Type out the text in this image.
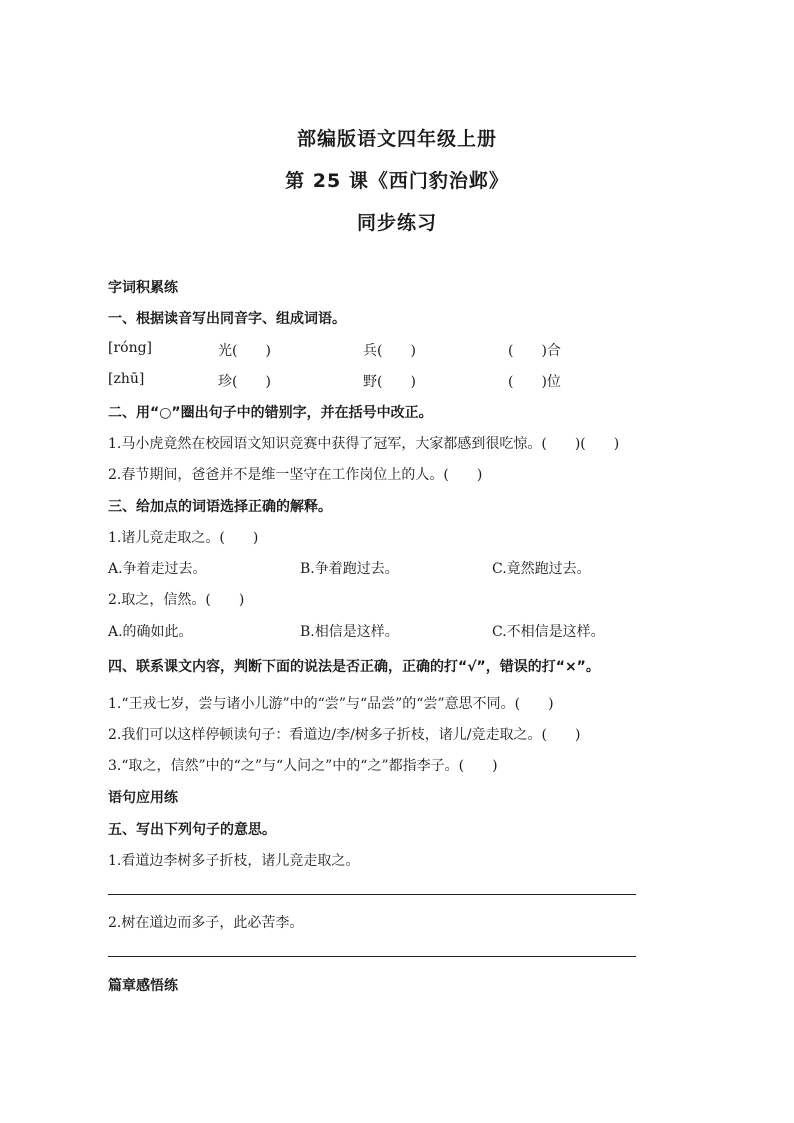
部编版语文四年级上册
第 25 课《西门豹治邺》
同步练习
字词积累练
一、根据读音写出同音字、组成词语。
[róng]	光(　　)	兵(　　)	(　　)合
[zhū]	珍(　　)	野(　　)	(　　)位
二、用“○”圈出句子中的错别字，并在括号中改正。
1.马小虎竟然在校园语文知识竞赛中获得了冠军，大家都感到很吃惊。(　　)(　　)
2.春节期间，爸爸并不是维一坚守在工作岗位上的人。(　　)
三、给加点的词语选择正确的解释。
1.诸儿竞走取之。(　　)
A.争着走过去。	B.争着跑过去。	C.竟然跑过去。
2.取之，信然。(　　)
A.的确如此。	B.相信是这样。	C.不相信是这样。
四、联系课文内容，判断下面的说法是否正确，正确的打“√”，错误的打“×”。
1.“王戎七岁，尝与诸小儿游”中的“尝”与“品尝”的“尝”意思不同。(　　)
2.我们可以这样停顿读句子：看道边/李/树多子折枝，诸儿/竞走取之。(　　)
3.“取之，信然”中的“之”与“人问之”中的“之”都指李子。(　　)
语句应用练
五、写出下列句子的意思。
1.看道边李树多子折枝，诸儿竞走取之。
2.树在道边而多子，此必苦李。
篇章感悟练
